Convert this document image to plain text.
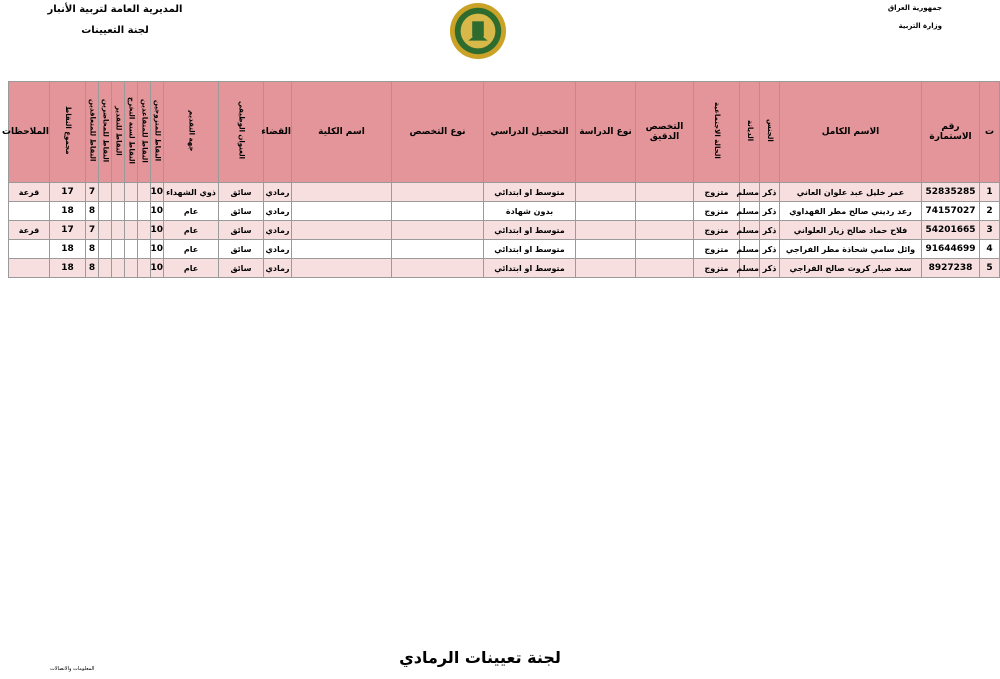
المديرية العامة لتربية الأنبار
لجنة التعيينات
جمهورية العراق
وزارة التربية
ت	رقم الاستمارة	الاسم الكامل	الجنس	الديانة	الحالة الاجتماعية	التخصص الدقيق	نوع الدراسة	التحصيل الدراسي	نوع التخصص	اسم الكلية	القضاء	العنوان الوظيفي	جهة التقديم	النقاط للمتزوجين	النقاط للمتقاعدين	النقاط لسنة التخرج	النقاط للتقدير	النقاط للمحاضرين	النقاط للمتعاقدين	مجموع النقاط	الملاحظات
1	52835285	عمر خليل عبد علوان العاني	ذكر	مسلم	متزوج			متوسط او ابتدائي			رمادي	سائق	ذوي الشهداء	10					7	17	قرعة
2	74157027	رعد رديني صالح مطر الفهداوي	ذكر	مسلم	متزوج			بدون شهادة			رمادي	سائق	عام	10					8	18	
3	54201665	فلاح حماد صالح زيار العلواني	ذكر	مسلم	متزوج			متوسط او ابتدائي			رمادي	سائق	عام	10					7	17	قرعة
4	91644699	وائل سامي شحاذة مطر الفراجي	ذكر	مسلم	متزوج			متوسط او ابتدائي			رمادي	سائق	عام	10					8	18	
5	8927238	سعد صبار كروت صالح الفراجي	ذكر	مسلم	متزوج			متوسط او ابتدائي			رمادي	سائق	عام	10					8	18	
لجنة تعيينات الرمادي
المعلومات والاتصالات
